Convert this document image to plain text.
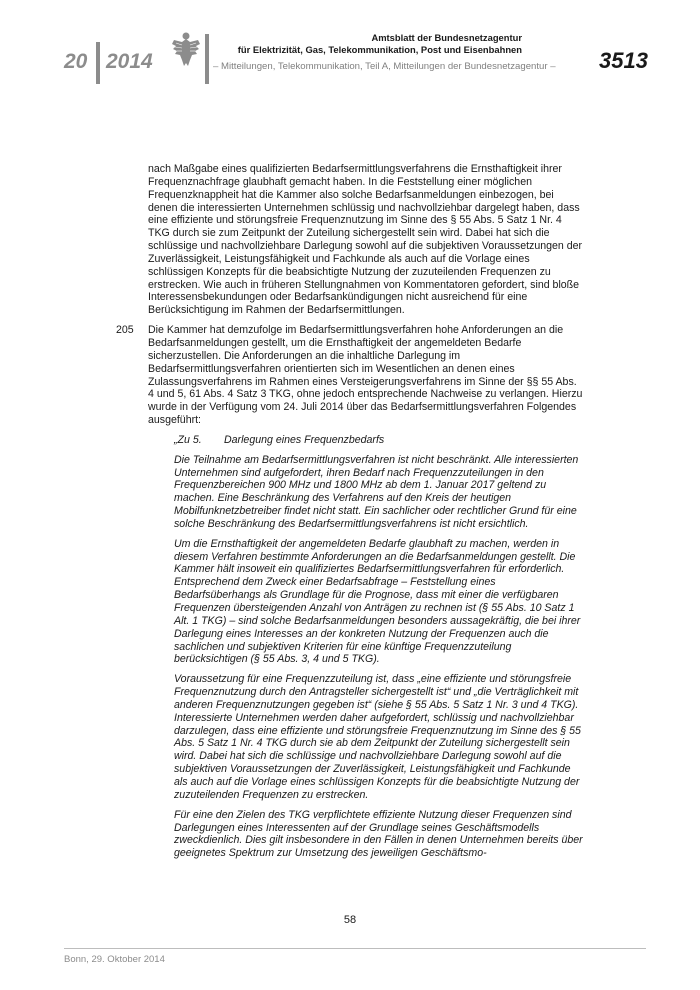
20 2014
Amtsblatt der Bundesnetzagentur
für Elektrizität, Gas, Telekommunikation, Post und Eisenbahnen
– Mitteilungen, Telekommunikation, Teil A, Mitteilungen der Bundesnetzagentur – 3513

nach Maßgabe eines qualifizierten Bedarfsermittlungsverfahrens die Ernsthaftigkeit ihrer Frequenznachfrage glaubhaft gemacht haben. In die Feststellung einer möglichen Frequenzknappheit hat die Kammer also solche Bedarfsanmeldungen einbezogen, bei denen die interessierten Unternehmen schlüssig und nachvollziehbar dargelegt haben, dass eine effiziente und störungsfreie Frequenznutzung im Sinne des § 55 Abs. 5 Satz 1 Nr. 4 TKG durch sie zum Zeitpunkt der Zuteilung sichergestellt sein wird. Dabei hat sich die schlüssige und nachvollziehbare Darlegung sowohl auf die subjektiven Voraussetzungen der Zuverlässigkeit, Leistungsfähigkeit und Fachkunde als auch auf die Vorlage eines schlüssigen Konzepts für die beabsichtigte Nutzung der zuzuteilenden Frequenzen zu erstrecken. Wie auch in früheren Stellungnahmen von Kommentatoren gefordert, sind bloße Interessensbekundungen oder Bedarfsankündigungen nicht ausreichend für eine Berücksichtigung im Rahmen der Bedarfsermittlungen.

205 Die Kammer hat demzufolge im Bedarfsermittlungsverfahren hohe Anforderungen an die Bedarfsanmeldungen gestellt, um die Ernsthaftigkeit der angemeldeten Bedarfe sicherzustellen. Die Anforderungen an die inhaltliche Darlegung im Bedarfsermittlungsverfahren orientierten sich im Wesentlichen an denen eines Zulassungsverfahrens im Rahmen eines Versteigerungsverfahrens im Sinne der §§ 55 Abs. 4 und 5, 61 Abs. 4 Satz 3 TKG, ohne jedoch entsprechende Nachweise zu verlangen. Hierzu wurde in der Verfügung vom 24. Juli 2014 über das Bedarfsermittlungsverfahren Folgendes ausgeführt:

„Zu 5. Darlegung eines Frequenzbedarfs

Die Teilnahme am Bedarfsermittlungsverfahren ist nicht beschränkt. Alle interessierten Unternehmen sind aufgefordert, ihren Bedarf nach Frequenzzuteilungen in den Frequenzbereichen 900 MHz und 1800 MHz ab dem 1. Januar 2017 geltend zu machen. Eine Beschränkung des Verfahrens auf den Kreis der heutigen Mobilfunknetzbetreiber findet nicht statt. Ein sachlicher oder rechtlicher Grund für eine solche Beschränkung des Bedarfsermittlungsverfahrens ist nicht ersichtlich.

Um die Ernsthaftigkeit der angemeldeten Bedarfe glaubhaft zu machen, werden in diesem Verfahren bestimmte Anforderungen an die Bedarfsanmeldungen gestellt. Die Kammer hält insoweit ein qualifiziertes Bedarfsermittlungsverfahren für erforderlich. Entsprechend dem Zweck einer Bedarfsabfrage – Feststellung eines Bedarfsüberhangs als Grundlage für die Prognose, dass mit einer die verfügbaren Frequenzen übersteigenden Anzahl von Anträgen zu rechnen ist (§ 55 Abs. 10 Satz 1 Alt. 1 TKG) – sind solche Bedarfsanmeldungen besonders aussagekräftig, die bei ihrer Darlegung eines Interesses an der konkreten Nutzung der Frequenzen auch die sachlichen und subjektiven Kriterien für eine künftige Frequenzzuteilung berücksichtigen (§ 55 Abs. 3, 4 und 5 TKG).

Voraussetzung für eine Frequenzzuteilung ist, dass „eine effiziente und störungsfreie Frequenznutzung durch den Antragsteller sichergestellt ist“ und „die Verträglichkeit mit anderen Frequenznutzungen gegeben ist“ (siehe § 55 Abs. 5 Satz 1 Nr. 3 und 4 TKG). Interessierte Unternehmen werden daher aufgefordert, schlüssig und nachvollziehbar darzulegen, dass eine effiziente und störungsfreie Frequenznutzung im Sinne des § 55 Abs. 5 Satz 1 Nr. 4 TKG durch sie ab dem Zeitpunkt der Zuteilung sichergestellt sein wird. Dabei hat sich die schlüssige und nachvollziehbare Darlegung sowohl auf die subjektiven Voraussetzungen der Zuverlässigkeit, Leistungsfähigkeit und Fachkunde als auch auf die Vorlage eines schlüssigen Konzepts für die beabsichtigte Nutzung der zuzuteilenden Frequenzen zu erstrecken.

Für eine den Zielen des TKG verpflichtete effiziente Nutzung dieser Frequenzen sind Darlegungen eines Interessenten auf der Grundlage seines Geschäftsmodells zweckdienlich. Dies gilt insbesondere in den Fällen in denen Unternehmen bereits über geeignetes Spektrum zur Umsetzung des jeweiligen Geschäftsmo-

58
Bonn, 29. Oktober 2014
